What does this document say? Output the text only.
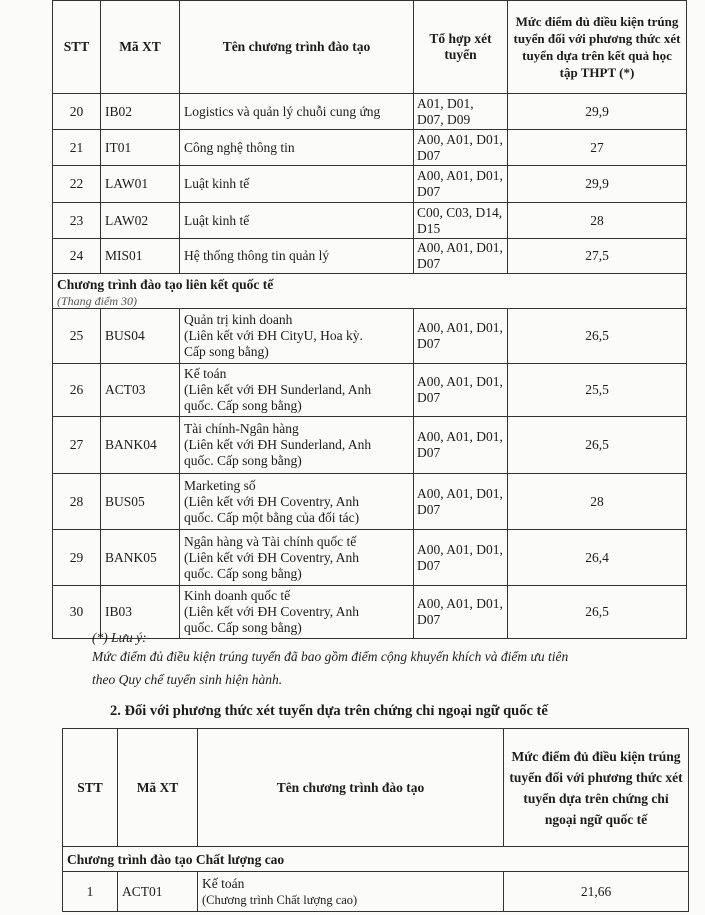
STT	Mã XT	Tên chương trình đào tạo	Tổ hợp xét tuyển	Mức điểm đủ điều kiện trúng tuyển đối với phương thức xét tuyển dựa trên kết quả học tập THPT (*)
20	IB02	Logistics và quản lý chuỗi cung ứng	A01, D01, D07, D09	29,9
21	IT01	Công nghệ thông tin	A00, A01, D01, D07	27
22	LAW01	Luật kinh tế	A00, A01, D01, D07	29,9
23	LAW02	Luật kinh tế	C00, C03, D14, D15	28
24	MIS01	Hệ thống thông tin quản lý	A00, A01, D01, D07	27,5
Chương trình đào tạo liên kết quốc tế				
(Thang điểm 30)				
25	BUS04	Quản trị kinh doanh
(Liên kết với ĐH CityU, Hoa kỳ.
Cấp song bằng)	A00, A01, D01, D07	26,5
26	ACT03	Kế toán
(Liên kết với ĐH Sunderland, Anh
quốc. Cấp song bằng)	A00, A01, D01, D07	25,5
27	BANK04	Tài chính-Ngân hàng
(Liên kết với ĐH Sunderland, Anh
quốc. Cấp song bằng)	A00, A01, D01, D07	26,5
28	BUS05	Marketing số
(Liên kết với ĐH Coventry, Anh
quốc. Cấp một bằng của đối tác)	A00, A01, D01, D07	28
29	BANK05	Ngân hàng và Tài chính quốc tế
(Liên kết với ĐH Coventry, Anh
quốc. Cấp song bằng)	A00, A01, D01, D07	26,4
30	IB03	Kinh doanh quốc tế
(Liên kết với ĐH Coventry, Anh
quốc. Cấp song bằng)	A00, A01, D01, D07	26,5
(*) Lưu ý:
Mức điểm đủ điều kiện trúng tuyển đã bao gồm điểm cộng khuyến khích và điểm ưu tiên
theo Quy chế tuyển sinh hiện hành.
2. Đối với phương thức xét tuyển dựa trên chứng chỉ ngoại ngữ quốc tế
STT	Mã XT	Tên chương trình đào tạo	Mức điểm đủ điều kiện trúng tuyển đối với phương thức xét tuyển dựa trên chứng chỉ ngoại ngữ quốc tế
Chương trình đào tạo Chất lượng cao			
1	ACT01	Kế toán
(Chương trình Chất lượng cao)	21,66
